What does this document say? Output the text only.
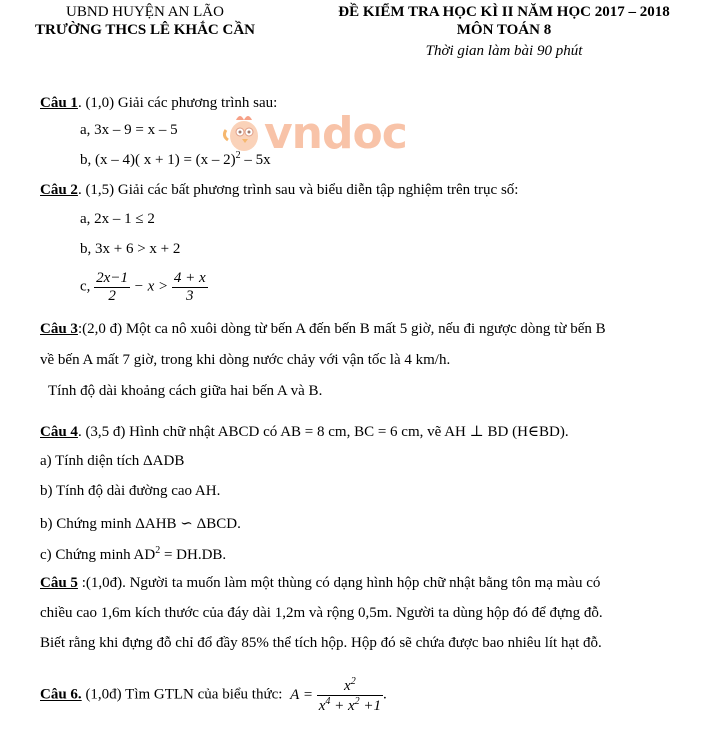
UBND HUYỆN AN LÃO
TRƯỜNG THCS LÊ KHẮC CẦN
ĐỀ KIỂM TRA HỌC KÌ II NĂM HỌC 2017 – 2018
MÔN TOÁN 8
Thời gian làm bài 90 phút
vndoc
Câu 1. (1,0) Giải các phương trình sau:
a, 3x – 9 = x – 5
b, (x – 4)( x + 1) = (x – 2)$^2$ – 5x
Câu 2. (1,5) Giải các bất phương trình sau và biểu diễn tập nghiệm trên trục số:
a, 2x – 1 ≤ 2
b, 3x + 6 > x + 2
c, $\frac{2x-1}{2} - x > \frac{4 + x}{3}$
Câu 3:(2,0 đ) Một ca nô xuôi dòng từ bến A đến bến B mất 5 giờ, nếu đi ngược dòng từ bến B
về bến A mất 7 giờ, trong khi dòng nước chảy với vận tốc là 4 km/h.
Tính độ dài khoảng cách giữa hai bến A và B.
Câu 4. (3,5 đ) Hình chữ nhật ABCD có AB = 8 cm, BC = 6 cm, vẽ AH ⊥ BD (H∈BD).
a) Tính diện tích ΔADB
b) Tính độ dài đường cao AH.
b) Chứng minh ΔAHB ∽ ΔBCD.
c) Chứng minh $AD^2 = DH.DB$.
Câu 5 :(1,0đ). Người ta muốn làm một thùng có dạng hình hộp chữ nhật bằng tôn mạ màu có
chiều cao 1,6m kích thước của đáy dài 1,2m và rộng 0,5m. Người ta dùng hộp đó để đựng đỗ.
Biết rằng khi đựng đỗ chỉ đổ đầy 85% thể tích hộp. Hộp đó sẽ chứa được bao nhiêu lít hạt đỗ.
Câu 6. (1,0đ) Tìm GTLN của biểu thức: $A = \frac{x^2}{x^4 + x^2 +1}$ .
